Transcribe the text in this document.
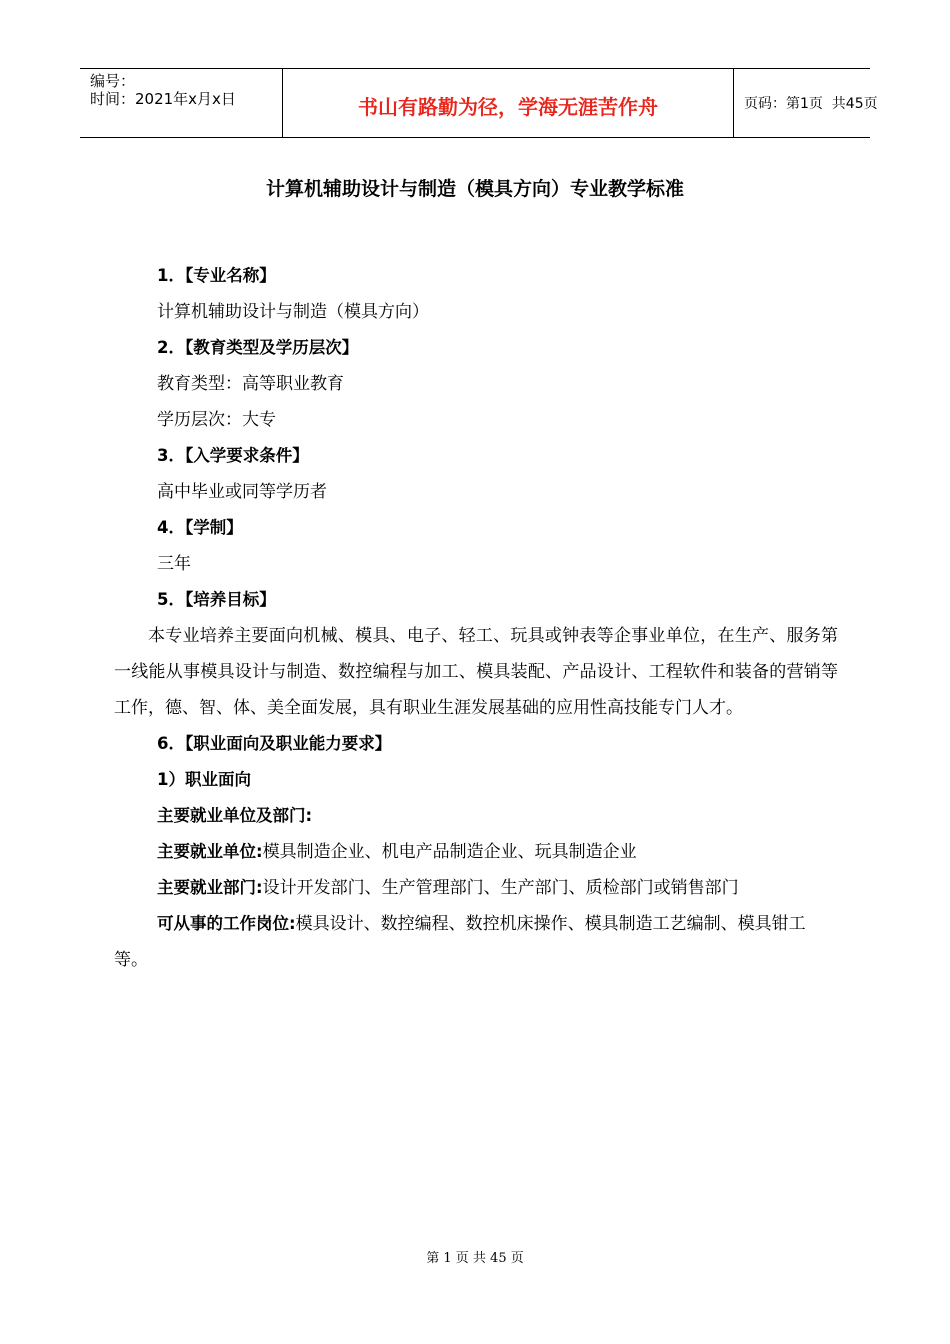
编号：
时间：2021年x月x日	书山有路勤为径，学海无涯苦作舟	页码：第1页  共45页
计算机辅助设计与制造（模具方向）专业教学标准

1．【专业名称】

计算机辅助设计与制造（模具方向）

2．【教育类型及学历层次】

教育类型：高等职业教育

学历层次：大专

3．【入学要求条件】

高中毕业或同等学历者

4．【学制】

三年

5．【培养目标】

本专业培养主要面向机械、模具、电子、轻工、玩具或钟表等企事业单位，在生产、服务第一线能从事模具设计与制造、数控编程与加工、模具装配、产品设计、工程软件和装备的营销等工作，德、智、体、美全面发展，具有职业生涯发展基础的应用性高技能专门人才。

6．【职业面向及职业能力要求】

1）职业面向

主要就业单位及部门:

主要就业单位:模具制造企业、机电产品制造企业、玩具制造企业

主要就业部门:设计开发部门、生产管理部门、生产部门、质检部门或销售部门

可从事的工作岗位:模具设计、数控编程、数控机床操作、模具制造工艺编制、模具钳工等。

第 1 页 共 45 页
